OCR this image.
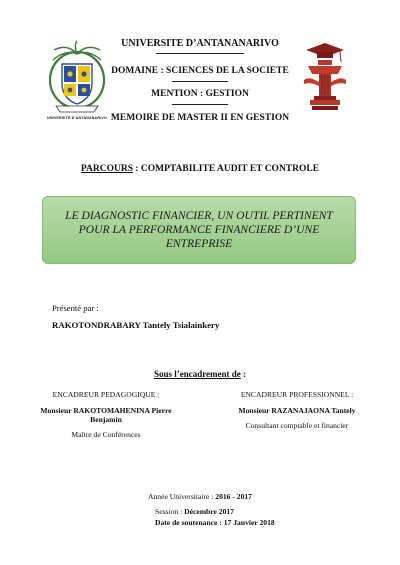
UNIVERSITÉ D'ANTANANARIVO
UNIVERSITE D’ANTANANARIVO
DOMAINE : SCIENCES DE LA SOCIETE
MENTION : GESTION
MEMOIRE DE MASTER II EN GESTION
PARCOURS : COMPTABILITE AUDIT ET CONTROLE
LE DIAGNOSTIC FINANCIER, UN OUTIL PERTINENT POUR LA PERFORMANCE FINANCIERE D’UNE ENTREPRISE
Présenté par :
RAKOTONDRABARY Tantely Tsialainkery
Sous l’encadrement de :
ENCADREUR PEDAGOGIQUE :
Monsieur RAKOTOMAHENINA Pierre Benjamin
Maître de Conférences
ENCADREUR PROFESSIONNEL :
Monsieur RAZANAJAONA Tantely
Consultant comptable et financier
Année Universitaire : 2016 - 2017
Session : Décembre 2017
Date de soutenance : 17 Janvier 2018
